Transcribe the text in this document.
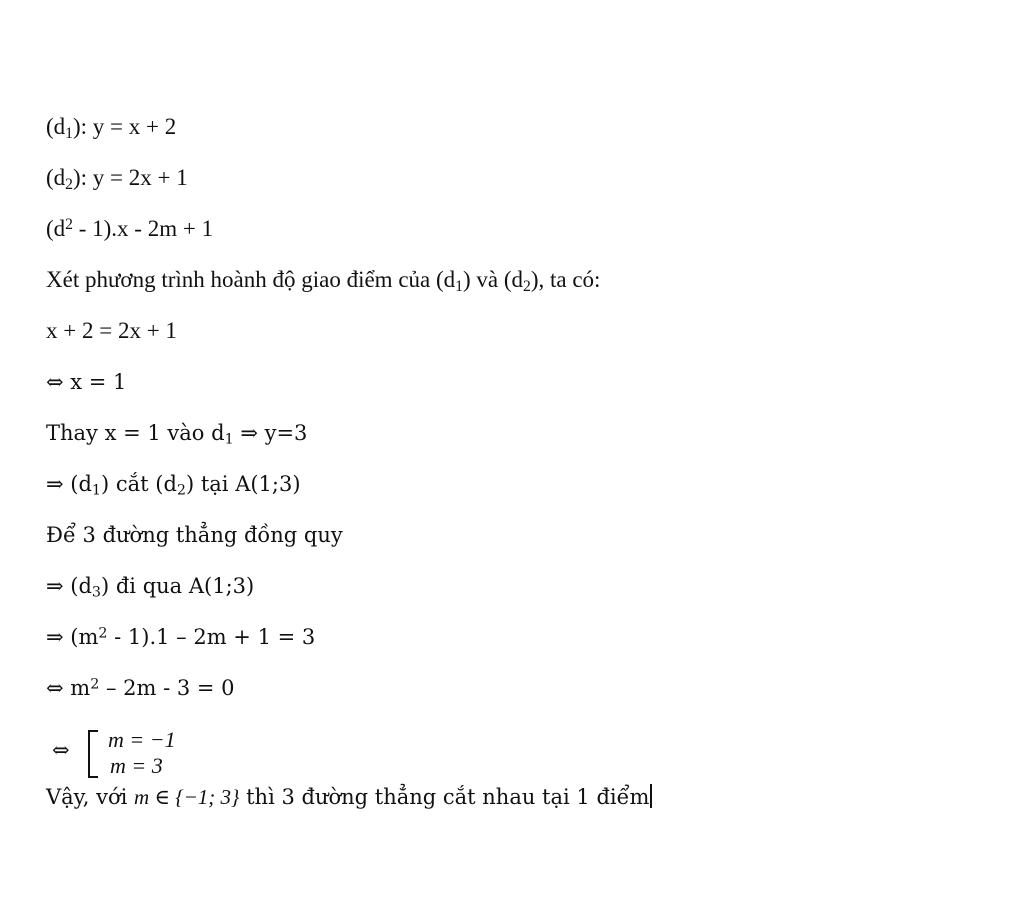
$(d_1)$: y = x + 2
$(d_2)$: y = 2x + 1
$(d^2 - 1).x - 2m + 1$
Xét phương trình hoành độ giao điểm của $(d_1)$ và $(d_2)$, ta có:
x + 2 = 2x + 1
⇔ x = 1
Thay x = 1 vào $d_1$ ⇒ y=3
⇒ $(d_1)$ cắt $(d_2)$ tại A(1;3)
Để 3 đường thẳng đồng quy
⇒ $(d_3)$ đi qua A(1;3)
⇒ $(m^2 - 1).1 - 2m + 1 = 3$
⇔ $m^2 - 2m - 3 = 0$
⇔ m = −1
m = 3
Vậy, với m ∈ {−1; 3} thì 3 đường thẳng cắt nhau tại 1 điểm
